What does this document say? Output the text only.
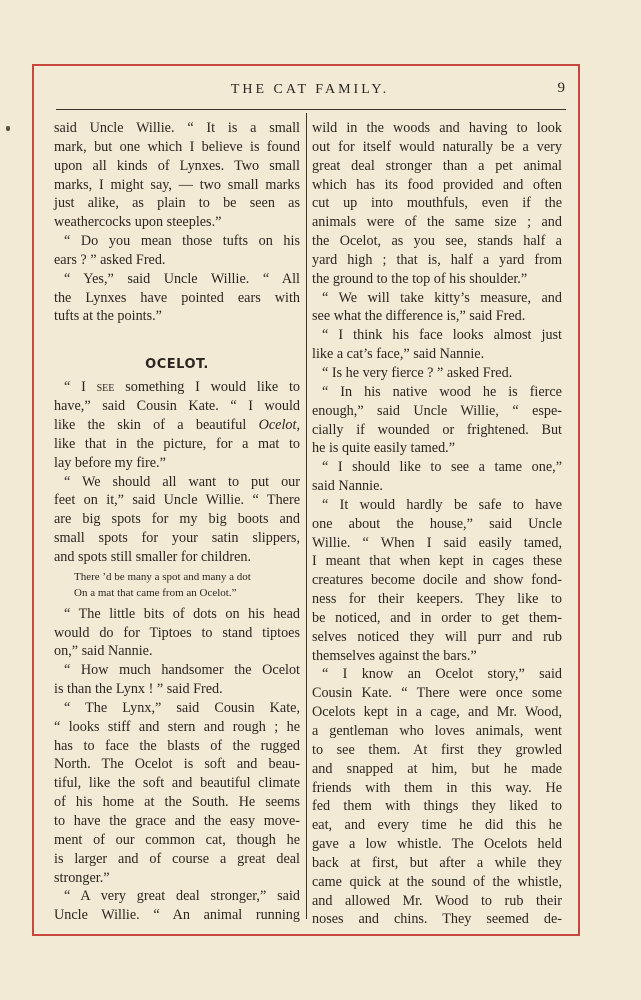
THE CAT FAMILY.	9
said Uncle Willie. “ It is a small
mark, but one which I believe is found
upon all kinds of Lynxes. Two small
marks, I might say, — two small marks
just alike, as plain to be seen as
weathercocks upon steeples.”
“ Do you mean those tufts on his
ears ? ” asked Fred.
“ Yes,” said Uncle Willie. “ All
the Lynxes have pointed ears with
tufts at the points.”
OCELOT.
“ I see something I would like to
have,” said Cousin Kate. “ I would
like the skin of a beautiful Ocelot,
like that in the picture, for a mat to
lay before my fire.”
“ We should all want to put our
feet on it,” said Uncle Willie. “ There
are big spots for my big boots and
small spots for your satin slippers,
and spots still smaller for children.
There ’d be many a spot and many a dot
On a mat that came from an Ocelot.”
“ The little bits of dots on his head
would do for Tiptoes to stand tiptoes
on,” said Nannie.
“ How much handsomer the Ocelot
is than the Lynx ! ” said Fred.
“ The Lynx,” said Cousin Kate,
“ looks stiff and stern and rough ; he
has to face the blasts of the rugged
North. The Ocelot is soft and beau-
tiful, like the soft and beautiful climate
of his home at the South. He seems
to have the grace and the easy move-
ment of our common cat, though he
is larger and of course a great deal
stronger.”
“ A very great deal stronger,” said
Uncle Willie. “ An animal running
wild in the woods and having to look
out for itself would naturally be a very
great deal stronger than a pet animal
which has its food provided and often
cut up into mouthfuls, even if the
animals were of the same size ; and
the Ocelot, as you see, stands half a
yard high ; that is, half a yard from
the ground to the top of his shoulder.”
“ We will take kitty’s measure, and
see what the difference is,” said Fred.
“ I think his face looks almost just
like a cat’s face,” said Nannie.
“ Is he very fierce ? ” asked Fred.
“ In his native wood he is fierce
enough,” said Uncle Willie, “ espe-
cially if wounded or frightened. But
he is quite easily tamed.”
“ I should like to see a tame one,”
said Nannie.
“ It would hardly be safe to have
one about the house,” said Uncle
Willie. “ When I said easily tamed,
I meant that when kept in cages these
creatures become docile and show fond-
ness for their keepers. They like to
be noticed, and in order to get them-
selves noticed they will purr and rub
themselves against the bars.”
“ I know an Ocelot story,” said
Cousin Kate. “ There were once some
Ocelots kept in a cage, and Mr. Wood,
a gentleman who loves animals, went
to see them. At first they growled
and snapped at him, but he made
friends with them in this way. He
fed them with things they liked to
eat, and every time he did this he
gave a low whistle. The Ocelots held
back at first, but after a while they
came quick at the sound of the whistle,
and allowed Mr. Wood to rub their
noses and chins. They seemed de-
